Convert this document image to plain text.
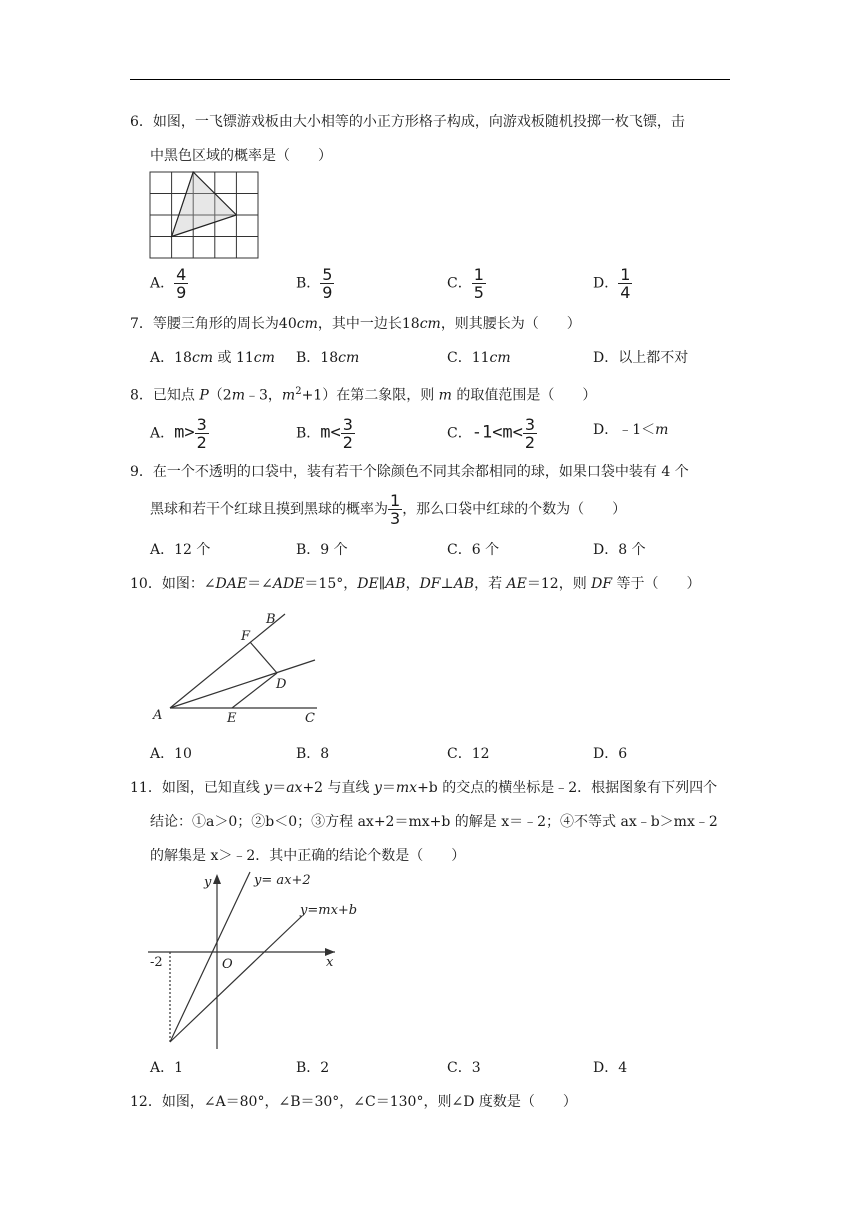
6．如图，一飞镖游戏板由大小相等的小正方形格子构成，向游戏板随机投掷一枚飞镖，击
中黑色区域的概率是（　　）
A． $\frac{4}{9}$	B． $\frac{5}{9}$	C． $\frac{1}{5}$	D． $\frac{1}{4}$
7．等腰三角形的周长为40cm，其中一边长18cm，则其腰长为（　　）
A．18cm 或 11cm B．18cm	C．11cm	D．以上都不对
8．已知点 P（2m﹣3，$m^2+1$）在第二象限，则 m 的取值范围是（　　）
A．$m> \frac{3}{2}$	B．$m< \frac{3}{2}$	C．$-1<m< \frac{3}{2}$	D．﹣1＜m
9．在一个不透明的口袋中，装有若干个除颜色不同其余都相同的球，如果口袋中装有 4 个
黑球和若干个红球且摸到黑球的概率为 $\frac{1}{3}$ ，那么口袋中红球的个数为（　　）
A．12 个	B．9 个	C．6 个	D．8 个
10．如图：∠DAE＝∠ADE＝15°，DE∥AB，DF⊥AB，若 AE＝12，则 DF 等于（　　）
A
B
C
D
E
F
A．10	B．8	C．12	D．6
11．如图，已知直线 y＝ax+2 与直线 y＝mx+b 的交点的横坐标是﹣2．根据图象有下列四个
结论：①a＞0；②b＜0；③方程 ax+2＝mx+b 的解是 x＝﹣2；④不等式 ax﹣b＞mx﹣2
的解集是 x＞﹣2．其中正确的结论个数是（　　）
y
x
O
-2
y= ax+2
y=mx+b
A．1	B．2	C．3	D．4
12．如图，∠A＝80°，∠B＝30°，∠C＝130°，则∠D 度数是（　　）
